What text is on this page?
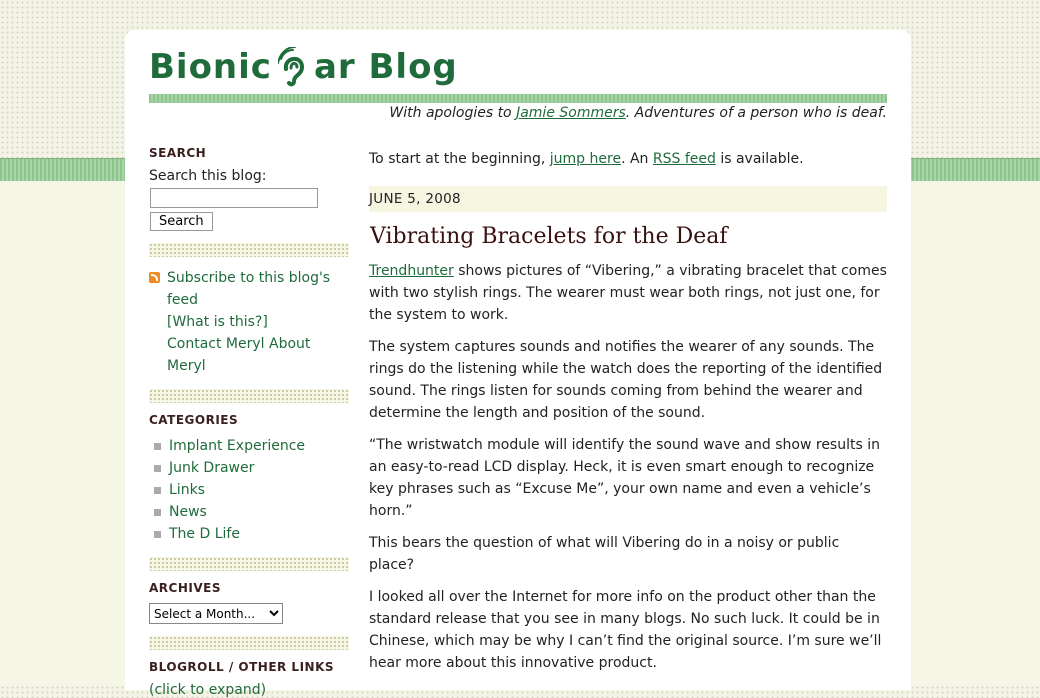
Bionic ar Blog

With apologies to Jamie Sommers. Adventures of a person who is deaf.

SEARCH
Search this blog:

Search
Subscribe to this blog's feed
[What is this?]
Contact Meryl About Meryl
CATEGORIES
Implant Experience
Junk Drawer
Links
News
The D Life
ARCHIVES
Select a Month...
BLOGROLL / OTHER LINKS
(click to expand)

To start at the beginning, jump here. An RSS feed is available.

JUNE 5, 2008
Vibrating Bracelets for the Deaf

Trendhunter shows pictures of “Vibering,” a vibrating bracelet that comes with two stylish rings. The wearer must wear both rings, not just one, for the system to work.

The system captures sounds and notifies the wearer of any sounds. The rings do the listening while the watch does the reporting of the identified sound. The rings listen for sounds coming from behind the wearer and determine the length and position of the sound.

“The wristwatch module will identify the sound wave and show results in an easy-to-read LCD display. Heck, it is even smart enough to recognize key phrases such as “Excuse Me”, your own name and even a vehicle’s horn.”

This bears the question of what will Vibering do in a noisy or public place?

I looked all over the Internet for more info on the product other than the standard release that you see in many blogs. No such luck. It could be in Chinese, which may be why I can’t find the original source. I’m sure we’ll hear more about this innovative product.
